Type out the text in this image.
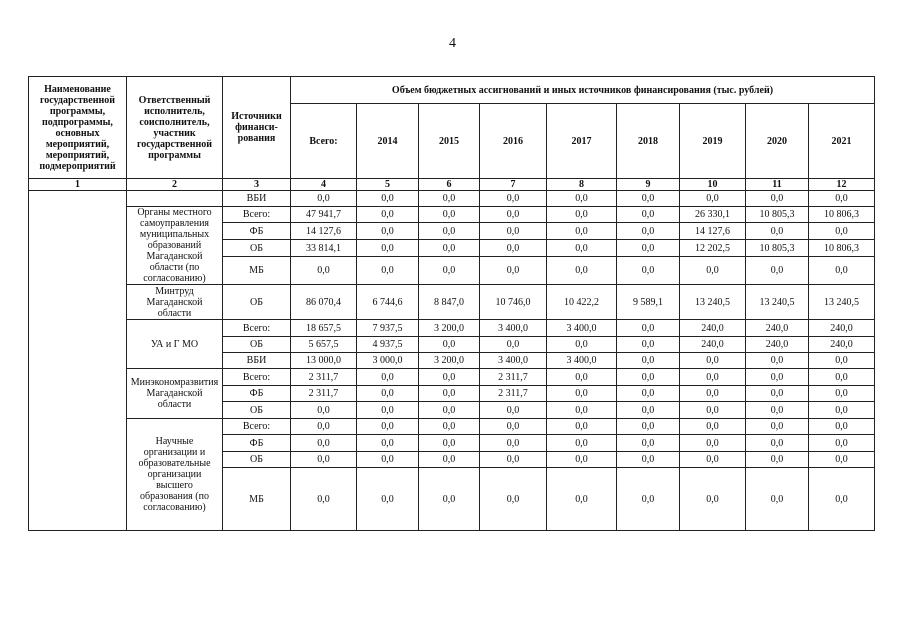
4
Наименование государственной программы, подпрограммы, основных мероприятий, мероприятий, подмероприятий	Ответственный исполнитель, соисполнитель, участник государственной программы	Источники финанси-рования	Объем бюджетных ассигнований и иных источников финансирования (тыс. рублей)								
			Всего:	2014	2015	2016	2017	2018	2019	2020	2021
1	2	3	4	5	6	7	8	9	10	11	12
		ВБИ	0,0	0,0	0,0	0,0	0,0	0,0	0,0	0,0	0,0
	Органы местного самоуправления муниципальных образований Магаданской области (по согласованию)	Всего:	47 941,7	0,0	0,0	0,0	0,0	0,0	26 330,1	10 805,3	10 806,3
		ФБ	14 127,6	0,0	0,0	0,0	0,0	0,0	14 127,6	0,0	0,0
		ОБ	33 814,1	0,0	0,0	0,0	0,0	0,0	12 202,5	10 805,3	10 806,3
		МБ	0,0	0,0	0,0	0,0	0,0	0,0	0,0	0,0	0,0
	Минтруд Магаданской области	ОБ	86 070,4	6 744,6	8 847,0	10 746,0	10 422,2	9 589,1	13 240,5	13 240,5	13 240,5
	УА и Г МО	Всего:	18 657,5	7 937,5	3 200,0	3 400,0	3 400,0	0,0	240,0	240,0	240,0
		ОБ	5 657,5	4 937,5	0,0	0,0	0,0	0,0	240,0	240,0	240,0
		ВБИ	13 000,0	3 000,0	3 200,0	3 400,0	3 400,0	0,0	0,0	0,0	0,0
	Минэкономразвития Магаданской области	Всего:	2 311,7	0,0	0,0	2 311,7	0,0	0,0	0,0	0,0	0,0
		ФБ	2 311,7	0,0	0,0	2 311,7	0,0	0,0	0,0	0,0	0,0
		ОБ	0,0	0,0	0,0	0,0	0,0	0,0	0,0	0,0	0,0
	Научные организации и образовательные организации высшего образования (по согласованию)	Всего:	0,0	0,0	0,0	0,0	0,0	0,0	0,0	0,0	0,0
		ФБ	0,0	0,0	0,0	0,0	0,0	0,0	0,0	0,0	0,0
		ОБ	0,0	0,0	0,0	0,0	0,0	0,0	0,0	0,0	0,0
		МБ	0,0	0,0	0,0	0,0	0,0	0,0	0,0	0,0	0,0
